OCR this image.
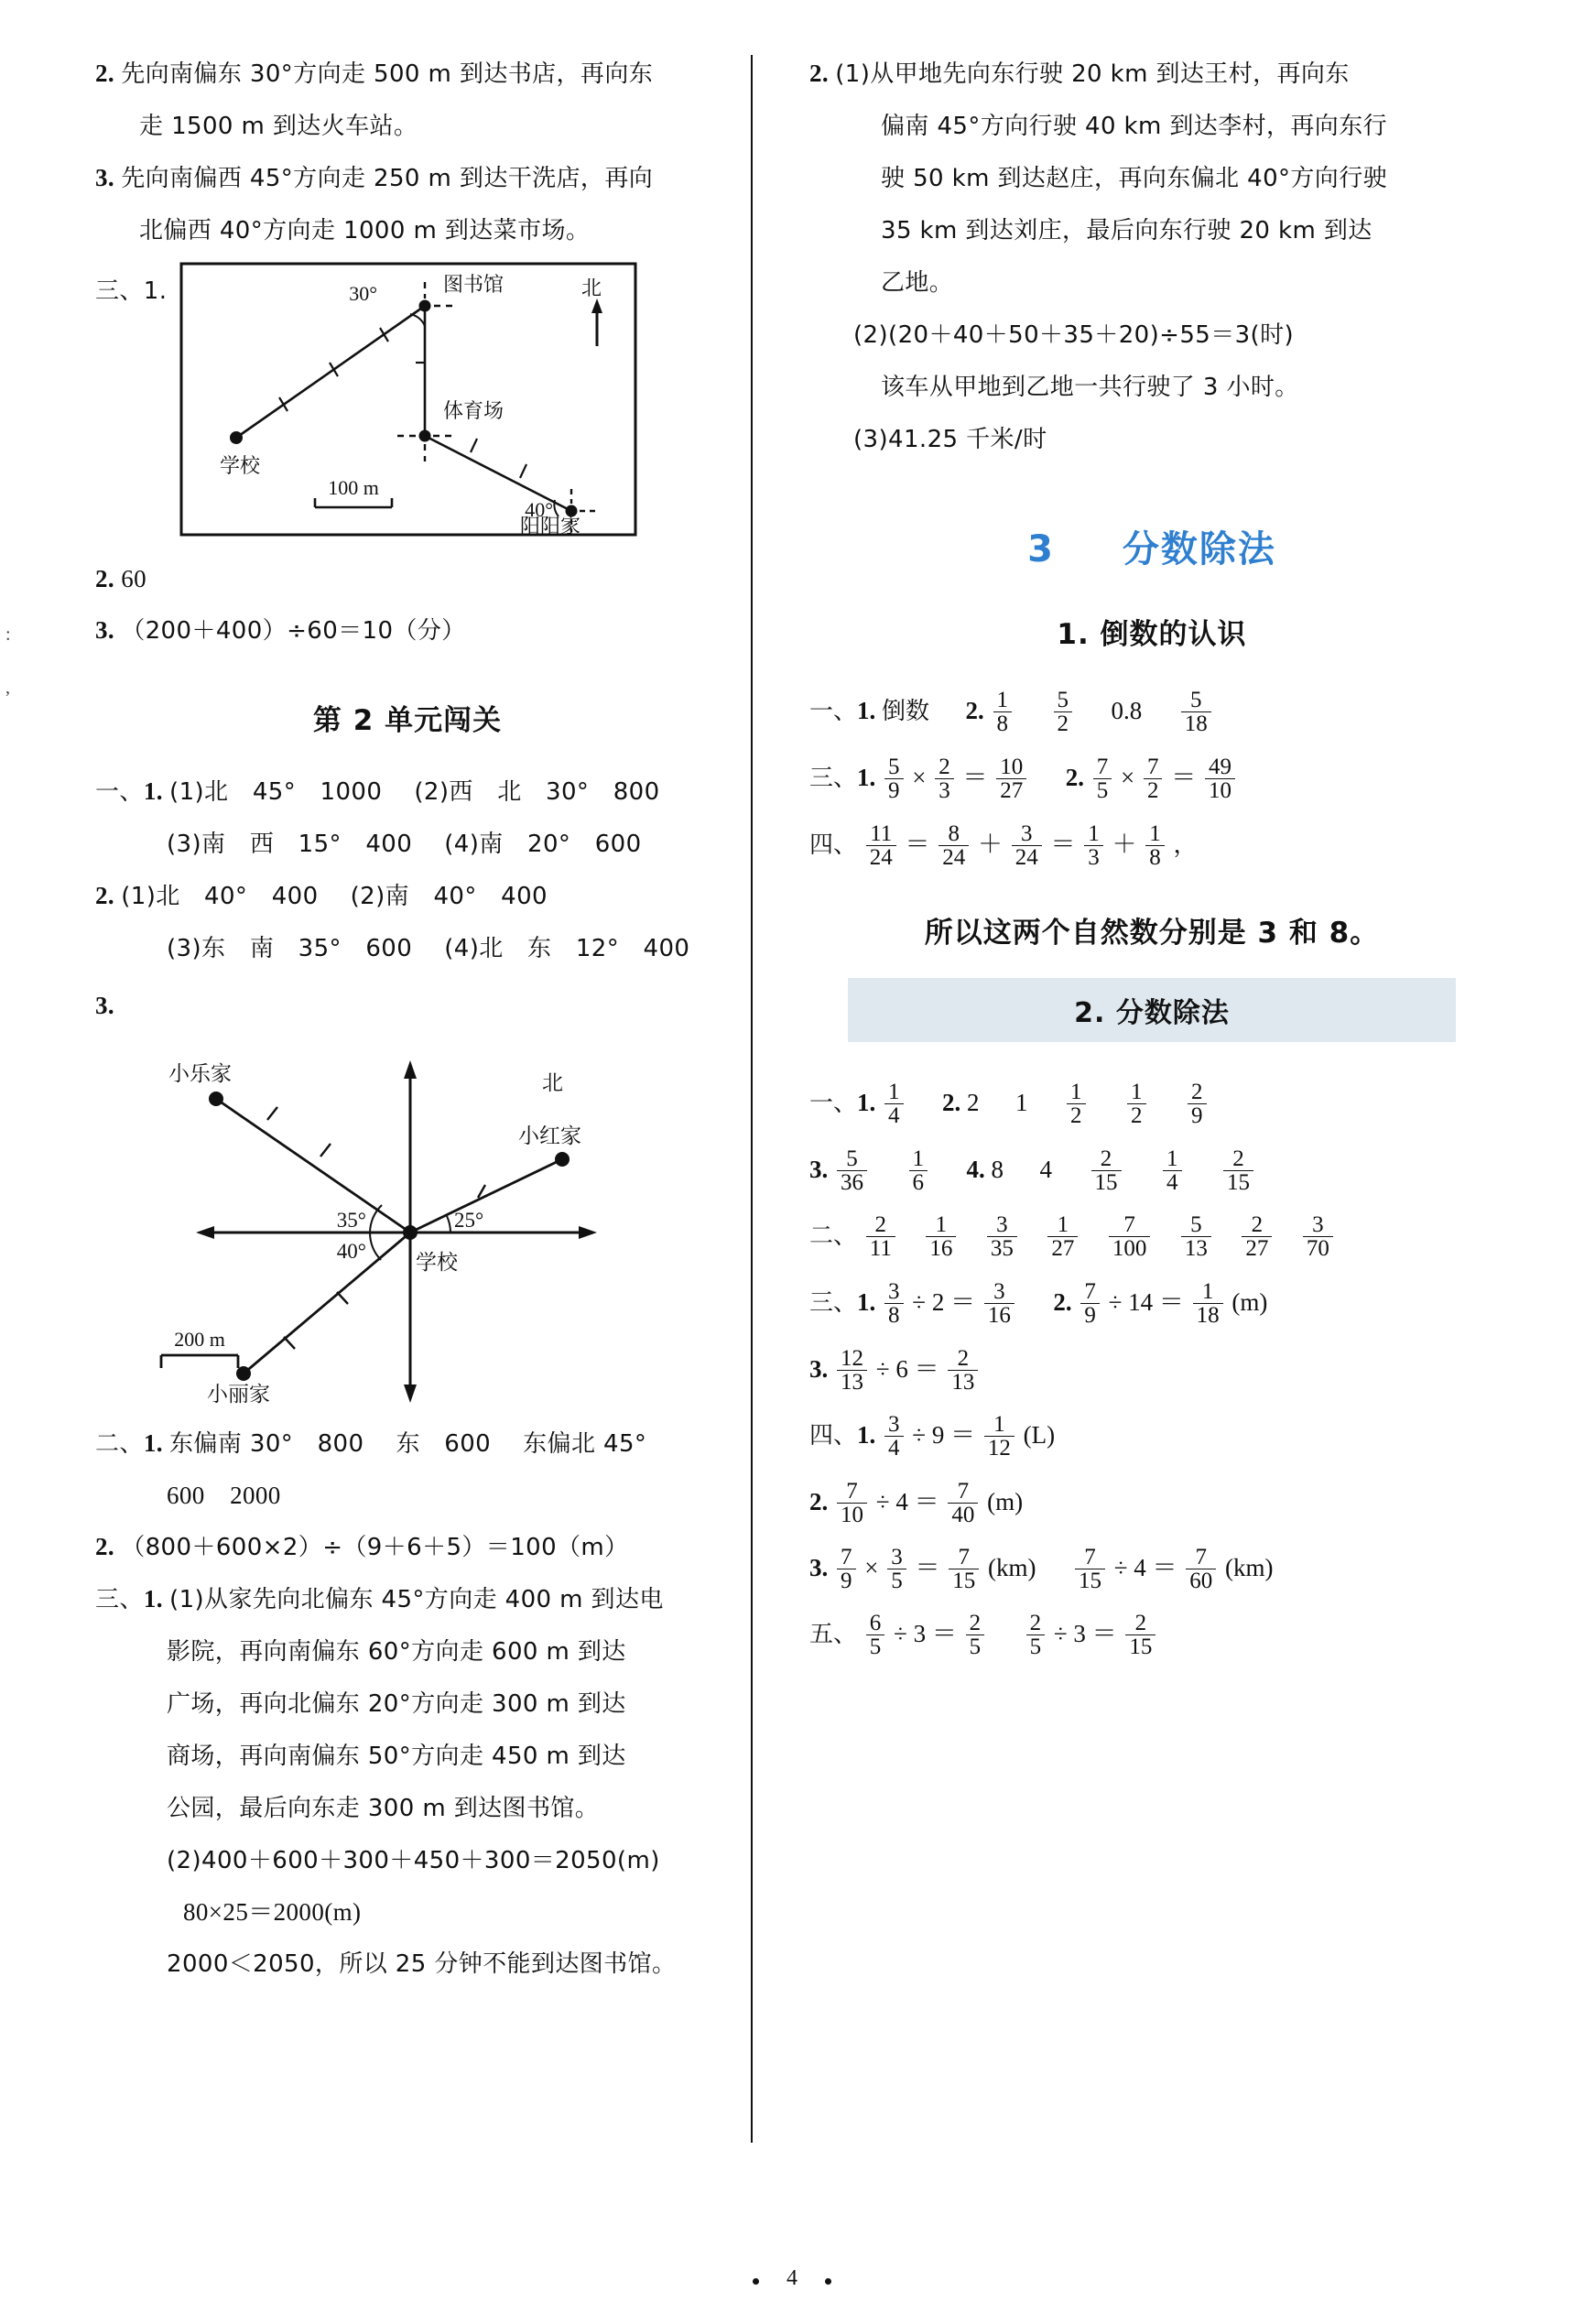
:
,
2. 先向南偏东 30°方向走 500 m 到达书店，再向东
走 1500 m 到达火车站。
3. 先向南偏西 45°方向走 250 m 到达干洗店，再向
北偏西 40°方向走 1000 m 到达菜市场。
三、1.	图书馆
体育场
学校
阳阳家
30°
40°
北
100 m
2. 60
3. （200＋400）÷60＝10（分）
第 2 单元闯关
一、1. (1)北　45°　1000　 (2)西　北　30°　800
(3)南　西　15°　400　 (4)南　20°　600
2. (1)北　40°　400　 (2)南　40°　400
(3)东　南　35°　600　 (4)北　东　12°　400
3.
小乐家
小红家
小丽家
学校
35°
40°
25°
北
200 m
二、1. 东偏南 30°　800　 东　600　 东偏北 45°
600　2000
2. （800＋600×2）÷（9＋6＋5）＝100（m）
三、1. (1)从家先向北偏东 45°方向走 400 m 到达电
影院，再向南偏东 60°方向走 600 m 到达
广场，再向北偏东 20°方向走 300 m 到达
商场，再向南偏东 50°方向走 450 m 到达
公园，最后向东走 300 m 到达图书馆。
(2)400＋600＋300＋450＋300＝2050(m)
80×25＝2000(m)
2000＜2050，所以 25 分钟不能到达图书馆。
2. (1)从甲地先向东行驶 20 km 到达王村，再向东
偏南 45°方向行驶 40 km 到达李村，再向东行
驶 50 km 到达赵庄，再向东偏北 40°方向行驶
35 km 到达刘庄，最后向东行驶 20 km 到达
乙地。
(2)(20＋40＋50＋35＋20)÷55＝3(时)
该车从甲地到乙地一共行驶了 3 小时。
(3)41.25 千米/时
3 分数除法
1. 倒数的认识
一、1. 倒数 2. $\frac{1}{8}$
$\frac{5}{2} 0.8 \frac{5}{18}$
三、1. $\frac{5}{9} \times \frac{2}{3} = \frac{10}{27} 2$. $\frac{7}{5} \times \frac{7}{2} = \frac{49}{10}$
四、 $\frac{11}{24} = \frac{8}{24} + \frac{3}{24} = \frac{1}{3} + \frac{1}{8}$ ，
所以这两个自然数分别是 3 和 8。
2. 分数除法
一、1. $\frac{1}{4} 2$. 2 $1 \frac{1}{2}$
$\frac{1}{2}$
$\frac{2}{9}$
3. $\frac{5}{36}$
$\frac{1}{6} 4$. 8 $4 \frac{2}{15}$
$\frac{1}{4}$
$\frac{2}{15}$
二、 $\frac{2}{11}$
$\frac{1}{16}$
$\frac{3}{35}$
$\frac{1}{27}$
$\frac{7}{100}$
$\frac{5}{13}$
$\frac{2}{27}$
$\frac{3}{70}$
三、1. $\frac{3}{8} \div 2 = \frac{3}{16} 2$. $\frac{7}{9} \div 14 = \frac{1}{18} (m)$
3. $\frac{12}{13} \div 6 = \frac{2}{13}$
四、1. $\frac{3}{4} \div 9 = \frac{1}{12} (L)$
2. $\frac{7}{10} \div 4 = \frac{7}{40} (m)$
3. $\frac{7}{9} \times \frac{3}{5} = \frac{7}{15} (km) \frac{7}{15} \div 4 = \frac{7}{60} (km)$
五、 $\frac{6}{5} \div 3 = \frac{2}{5}$
$\frac{2}{5} \div 3 = \frac{2}{15}$
4
